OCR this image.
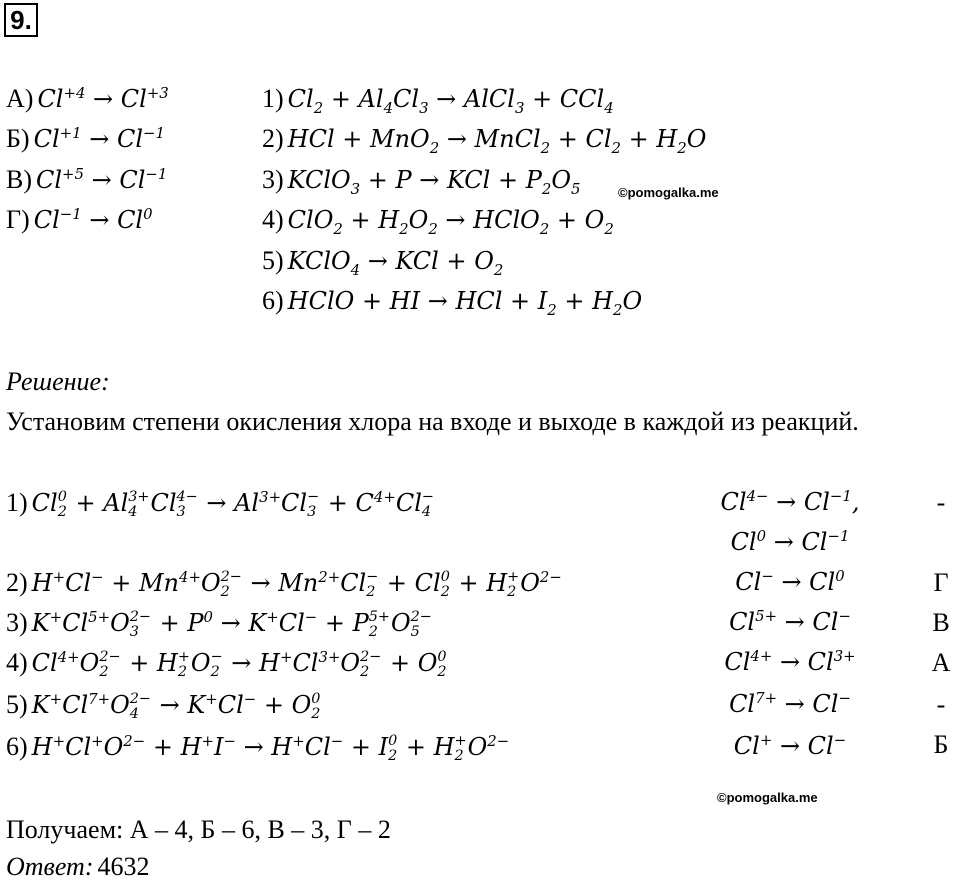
9.
А) $Cl^{+4} \to Cl^{+3}$
Б) $Cl^{+1} \to Cl^{-1}$
В) $Cl^{+5} \to Cl^{-1}$
Г) $Cl^{-1} \to Cl^0$
1) $Cl_2 + Al_4Cl_3$ → AlCl$_3$ + CCl$_4$
2) HCl + MnO$_2$ → MnCl$_2$ + $Cl_2 + H_2O$
3) KClO$_3$ + P → KCl + $P_2O_5$	©pomogalka.me
4) $ClO_2 + H_2O_2$ → HClO$_2$ + $O_2$
5) KClO$_4$ → KCl + $O_2$
6) HClO + HI → HCl + $I_2 + H_2O$
Решение:
Установим степени окисления хлора на входе и выходе в каждой из реакций.
1) Cl 0
2 + Al 3+
4 Cl 4−
$3 \to Al^{3+}Cl$ −
$3 + C^{4+}Cl$ −
4	$Cl^{4-} \to Cl^{-1}$,
$Cl^0 \to Cl^{-1}$
-
2) $H^+Cl^- + Mn^{4+}O$ 2−
$2 \to Mn^{2+}Cl$ −
2 + Cl 0
2 + H +
2 $O^{2-}$	$Cl^- \to Cl^0$	Г
3) $K^+Cl^{5+}O$ 2−
$3 + P^0 \to K^+Cl^- + P$ 5+
2 O 2−
5	$Cl^{5+} \to Cl^-$	В
4) $Cl^{4+}O$ 2−
2 + H +
2 O −
$2 \to H^+Cl^{3+}O$ 2−
2 + O 0
2	$Cl^{4+} \to Cl^{3+}$	А
5) $K^+Cl^{7+}O$ 2−
4 → K+Cl− + O 0
2	$Cl^{7+} \to Cl^-$	-
6) $H^+Cl^+O^{2-} + H^+I^- \to H^+Cl^- + I$ 0
2 + H +
2 $O^{2-}$	Cl+ → Cl−	Б
©pomogalka.me
Получаем: А – 4, Б – 6, В – 3, Г – 2
Ответ: 4632
